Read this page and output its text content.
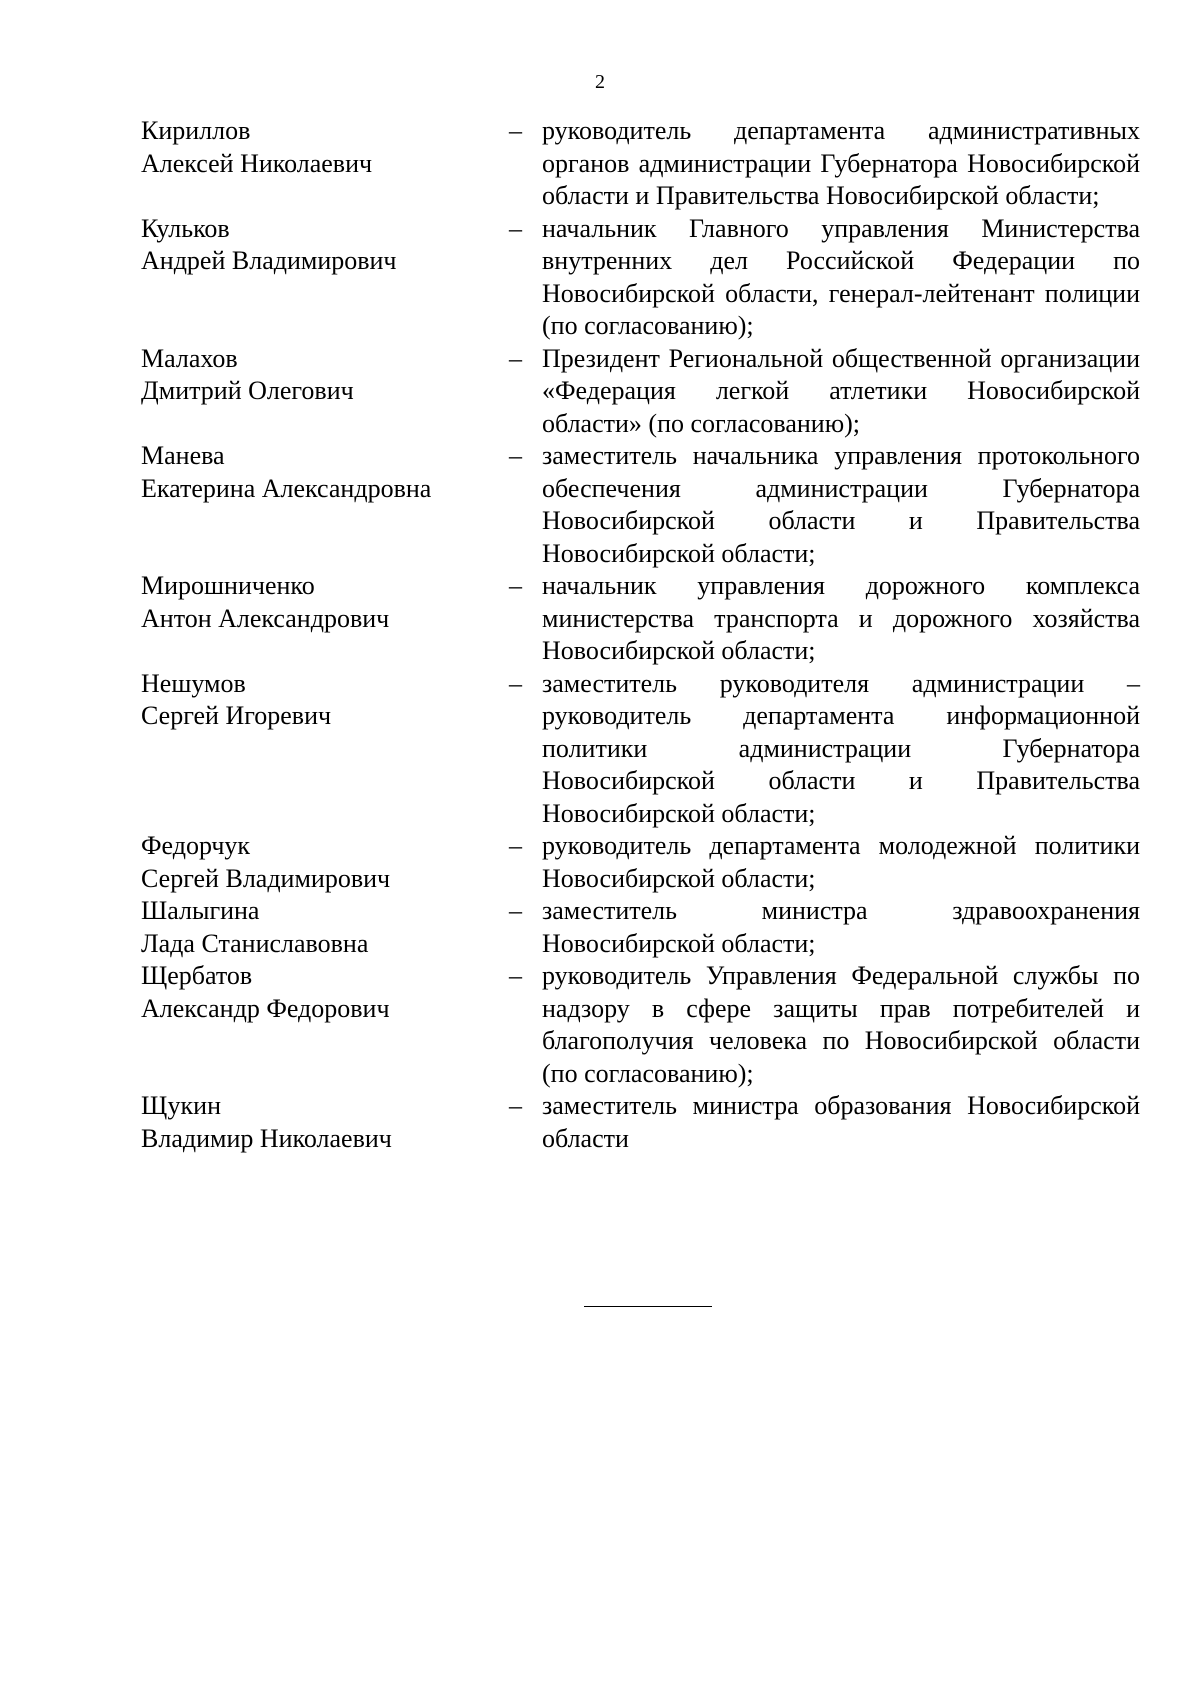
2
Кириллов
Алексей Николаевич
– руководитель департамента административных органов администрации Губернатора Новосибирской области и Правительства Новосибирской области;
Кульков
Андрей Владимирович
– начальник Главного управления Министерства внутренних дел Российской Федерации по Новосибирской области, генерал-лейтенант полиции (по согласованию);
Малахов
Дмитрий Олегович
– Президент Региональной общественной организации «Федерация легкой атлетики Новосибирской области» (по согласованию);
Манева
Екатерина Александровна
– заместитель начальника управления протокольного обеспечения администрации Губернатора Новосибирской области и Правительства Новосибирской области;
Мирошниченко
Антон Александрович
– начальник управления дорожного комплекса министерства транспорта и дорожного хозяйства Новосибирской области;
Нешумов
Сергей Игоревич
– заместитель руководителя администрации – руководитель департамента информационной политики администрации Губернатора Новосибирской области и Правительства Новосибирской области;
Федорчук
Сергей Владимирович
– руководитель департамента молодежной политики Новосибирской области;
Шалыгина
Лада Станиславовна
– заместитель министра здравоохранения Новосибирской области;
Щербатов
Александр Федорович
– руководитель Управления Федеральной службы по надзору в сфере защиты прав потребителей и благополучия человека по Новосибирской области (по согласованию);
Щукин
Владимир Николаевич
– заместитель министра образования Новосибирской области
